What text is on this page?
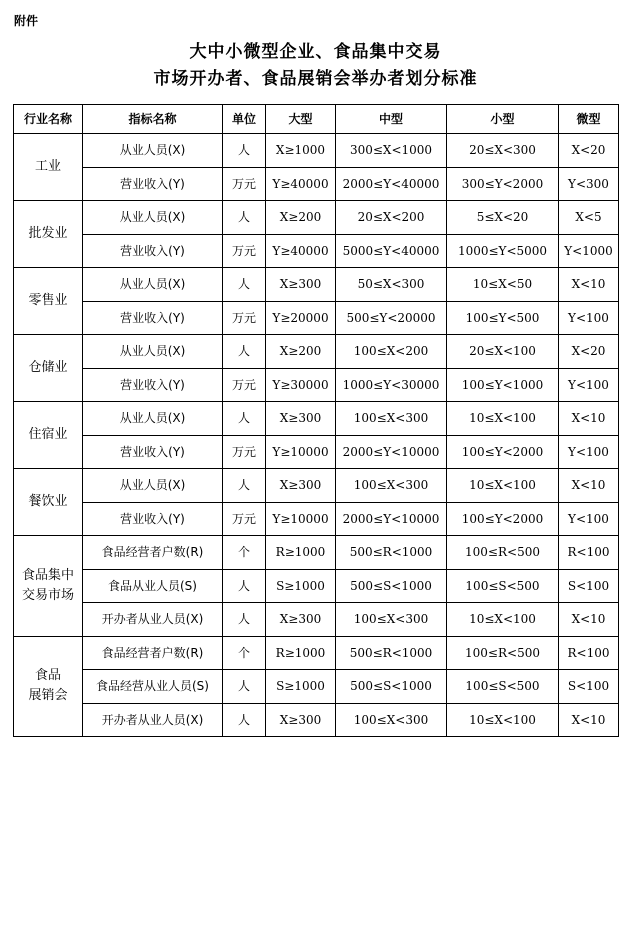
附件
大中小微型企业、食品集中交易
市场开办者、食品展销会举办者划分标准
行业名称	指标名称	单位	大型	中型	小型	微型
工业	从业人员(X)	人	X≥1000	300≤X<1000	20≤X<300	X<20
	营业收入(Y)	万元	Y≥40000	2000≤Y<40000	300≤Y<2000	Y<300
批发业	从业人员(X)	人	X≥200	20≤X<200	5≤X<20	X<5
	营业收入(Y)	万元	Y≥40000	5000≤Y<40000	1000≤Y<5000	Y<1000
零售业	从业人员(X)	人	X≥300	50≤X<300	10≤X<50	X<10
	营业收入(Y)	万元	Y≥20000	500≤Y<20000	100≤Y<500	Y<100
仓储业	从业人员(X)	人	X≥200	100≤X<200	20≤X<100	X<20
	营业收入(Y)	万元	Y≥30000	1000≤Y<30000	100≤Y<1000	Y<100
住宿业	从业人员(X)	人	X≥300	100≤X<300	10≤X<100	X<10
	营业收入(Y)	万元	Y≥10000	2000≤Y<10000	100≤Y<2000	Y<100
餐饮业	从业人员(X)	人	X≥300	100≤X<300	10≤X<100	X<10
	营业收入(Y)	万元	Y≥10000	2000≤Y<10000	100≤Y<2000	Y<100
食品集中
交易市场	食品经营者户数(R)	个	R≥1000	500≤R<1000	100≤R<500	R<100
	食品从业人员(S)	人	S≥1000	500≤S<1000	100≤S<500	S<100
	开办者从业人员(X)	人	X≥300	100≤X<300	10≤X<100	X<10
食品
展销会	食品经营者户数(R)	个	R≥1000	500≤R<1000	100≤R<500	R<100
	食品经营从业人员(S)	人	S≥1000	500≤S<1000	100≤S<500	S<100
	开办者从业人员(X)	人	X≥300	100≤X<300	10≤X<100	X<10
